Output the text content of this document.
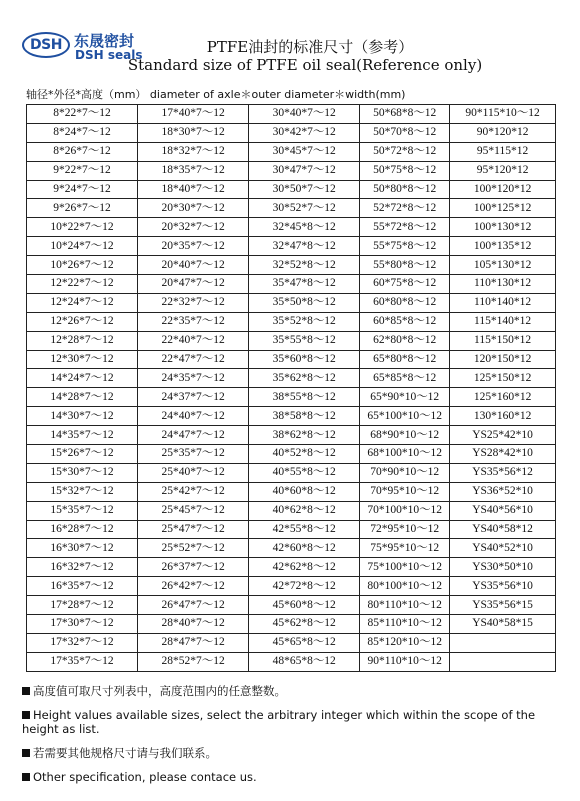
DSH 东晟密封
DSH seals	PTFE油封的标准尺寸（参考）
Standard size of PTFE oil seal(Reference only)
轴径*外径*高度（mm） diameter of axle＊outer diameter＊width(mm)
8*22*7～12	17*40*7～12	30*40*7～12	50*68*8～12	90*115*10～12
8*24*7～12	18*30*7～12	30*42*7～12	50*70*8～12	90*120*12
8*26*7～12	18*32*7～12	30*45*7～12	50*72*8～12	95*115*12
9*22*7～12	18*35*7～12	30*47*7～12	50*75*8～12	95*120*12
9*24*7～12	18*40*7～12	30*50*7～12	50*80*8～12	100*120*12
9*26*7～12	20*30*7～12	30*52*7～12	52*72*8～12	100*125*12
10*22*7～12	20*32*7～12	32*45*8～12	55*72*8～12	100*130*12
10*24*7～12	20*35*7～12	32*47*8～12	55*75*8～12	100*135*12
10*26*7～12	20*40*7～12	32*52*8～12	55*80*8～12	105*130*12
12*22*7～12	20*47*7～12	35*47*8～12	60*75*8～12	110*130*12
12*24*7～12	22*32*7～12	35*50*8～12	60*80*8～12	110*140*12
12*26*7～12	22*35*7～12	35*52*8～12	60*85*8～12	115*140*12
12*28*7～12	22*40*7～12	35*55*8～12	62*80*8～12	115*150*12
12*30*7～12	22*47*7～12	35*60*8～12	65*80*8～12	120*150*12
14*24*7～12	24*35*7～12	35*62*8～12	65*85*8～12	125*150*12
14*28*7～12	24*37*7～12	38*55*8～12	65*90*10～12	125*160*12
14*30*7～12	24*40*7～12	38*58*8～12	65*100*10～12	130*160*12
14*35*7～12	24*47*7～12	38*62*8～12	68*90*10～12	YS25*42*10
15*26*7～12	25*35*7～12	40*52*8～12	68*100*10～12	YS28*42*10
15*30*7～12	25*40*7～12	40*55*8～12	70*90*10～12	YS35*56*12
15*32*7～12	25*42*7～12	40*60*8～12	70*95*10～12	YS36*52*10
15*35*7～12	25*45*7～12	40*62*8～12	70*100*10～12	YS40*56*10
16*28*7～12	25*47*7～12	42*55*8～12	72*95*10～12	YS40*58*12
16*30*7～12	25*52*7～12	42*60*8～12	75*95*10～12	YS40*52*10
16*32*7～12	26*37*7～12	42*62*8～12	75*100*10～12	YS30*50*10
16*35*7～12	26*42*7～12	42*72*8～12	80*100*10～12	YS35*56*10
17*28*7～12	26*47*7～12	45*60*8～12	80*110*10～12	YS35*56*15
17*30*7～12	28*40*7～12	45*62*8～12	85*110*10～12	YS40*58*15
17*32*7～12	28*47*7～12	45*65*8～12	85*120*10～12	
17*35*7～12	28*52*7～12	48*65*8～12	90*110*10～12	

高度值可取尺寸列表中，高度范围内的任意整数。

Height values available sizes, select the arbitrary integer which within the scope of the height as list.

若需要其他规格尺寸请与我们联系。

Other specification, please contace us.
